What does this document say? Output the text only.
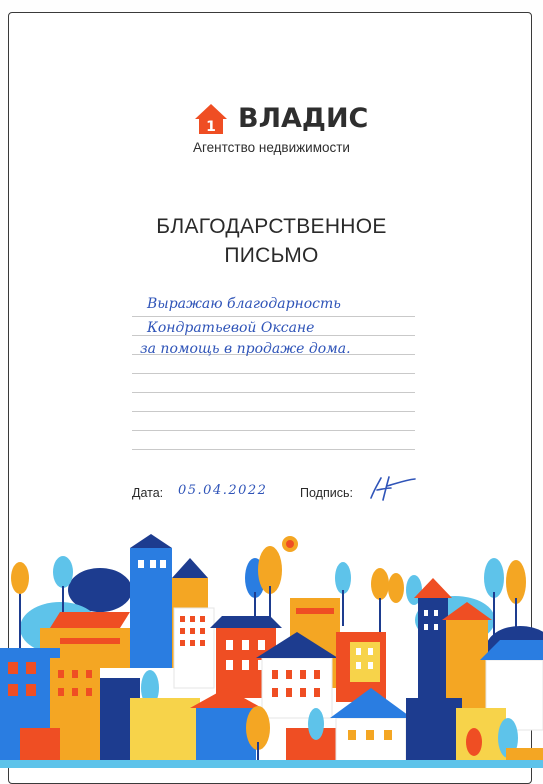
1 ВЛАДИС
Агентство недвижимости
БЛАГОДАРСТВЕННОЕ
ПИСЬМО
Выражаю благодарность
Кондратьевой Оксане
за помощь в продаже дома.
Дата: 05.04.2022	Подпись:
